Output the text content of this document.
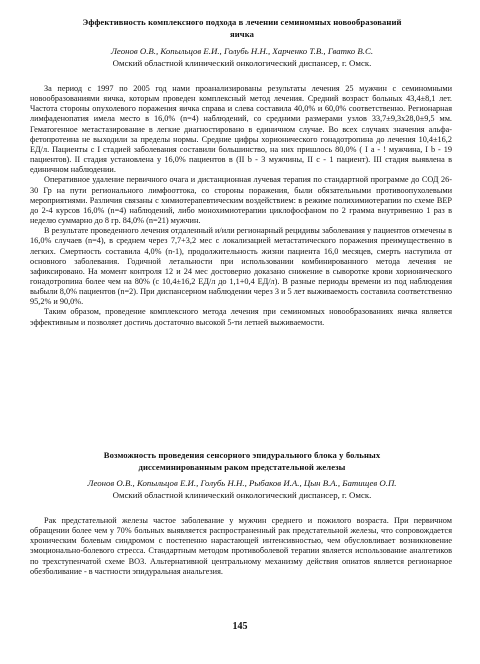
Эффективность комплексного подхода в лечении семиномных новообразований
яичка
Леонов О.В., Копыльцов Е.И., Голубь Н.Н., Харченко Т.В., Гватко В.С.
Омский областной клинический онкологический диспансер, г. Омск.

За период с 1997 по 2005 год нами проанализированы результаты лечения 25 мужчин с семиномными новообразованиями яичка, которым проведен комплексный метод лечения. Средний возраст больных 43,4±8,1 лет. Частота стороны опухолевого поражения яичка справа и слева составила 40,0% и 60,0% соответственно. Регионарная лимфаденопатия имела место в 16,0% (n=4) наблюдений, со средними размерами узлов 33,7±9,3х28,0±9,5 мм. Гематогенное метастазирование в легкие диагностировано в единичном случае. Во всех случаях значения альфа-фетопротеина не выходили за пределы нормы. Средние цифры хорионического гонадотропина до лечения 10,4±16,2 ЕД/л. Пациенты с I стадией заболевания составили большинство, на них пришлось 80,0% ( I а - ! мужчина, I b - 19 пациентов). II стадия установлена у 16,0% пациентов в (II b - 3 мужчины, II c - 1 пациент). III стадия выявлена в единичном наблюдении.

Оперативное удаление первичного очага и дистанционная лучевая терапия по стандартной программе до СОД 26-30 Гр на пути регионального лимфооттока, со стороны поражения, были обязательными противоопухолевыми мероприятиями. Различия связаны с химиотерапевтическим воздействием: в режиме полихимиотерапии по схеме BEP до 2-4 курсов 16,0% (n=4) наблюдений, либо монохимиотерапии циклофосфаном по 2 грамма внутривенно 1 раз в неделю суммарно до 8 гр. 84,0% (n=21) мужчин.

В результате проведенного лечения отдаленный и/или регионарный рецидивы заболевания у пациентов отмечены в 16,0% случаев (n=4), в среднем через 7,7+3,2 мес с локализацией метастатического поражения преимущественно в легких. Смертность составила 4,0% (n-1), продолжительность жизни пациента 16,0 месяцев, смерть наступила от основного заболевания. Годичной летальности при использовании комбинированного метода лечения не зафиксировано. На момент контроля 12 и 24 мес достоверно доказано снижение в сыворотке крови хорионического гонадотропина более чем на 80% (с 10,4±16,2 ЕД/л до 1,1+0,4 ЕД/л). В разные периоды времени из под наблюдения выбыли 8,0% пациентов (n=2). При диспансерном наблюдении через 3 и 5 лет выживаемость составила соответственно 95,2% и 90,0%.

Таким образом, проведение комплексного метода лечения при семиномных новообразованиях яичка является эффективным и позволяет достичь достаточно высокой 5-ти летней выживаемости.

Возможность проведения сенсорного эпидурального блока у больных
диссеминированным раком предстательной железы
Леонов О.В., Копыльцов Е.И., Голубь Н.Н., Рыбаков И.А., Цын В.А., Батищев О.П.
Омский областной клинический онкологический диспансер, г. Омск.

Рак предстательной железы частое заболевание у мужчин среднего и пожилого возраста. При первичном обращении более чем у 70% больных выявляется распространенный рак предстательной железы, что сопровождается хроническим болевым синдромом с постепенно нарастающей интенсивностью, чем обусловливает возникновение эмоционально-болевого стресса. Стандартным методом противоболевой терапии является использование аналгетиков по трехступенчатой схеме ВОЗ. Альтернативной центральному механизму действия опиатов является регионарное обезболивание - в частности эпидуральная анальгезия.

145
